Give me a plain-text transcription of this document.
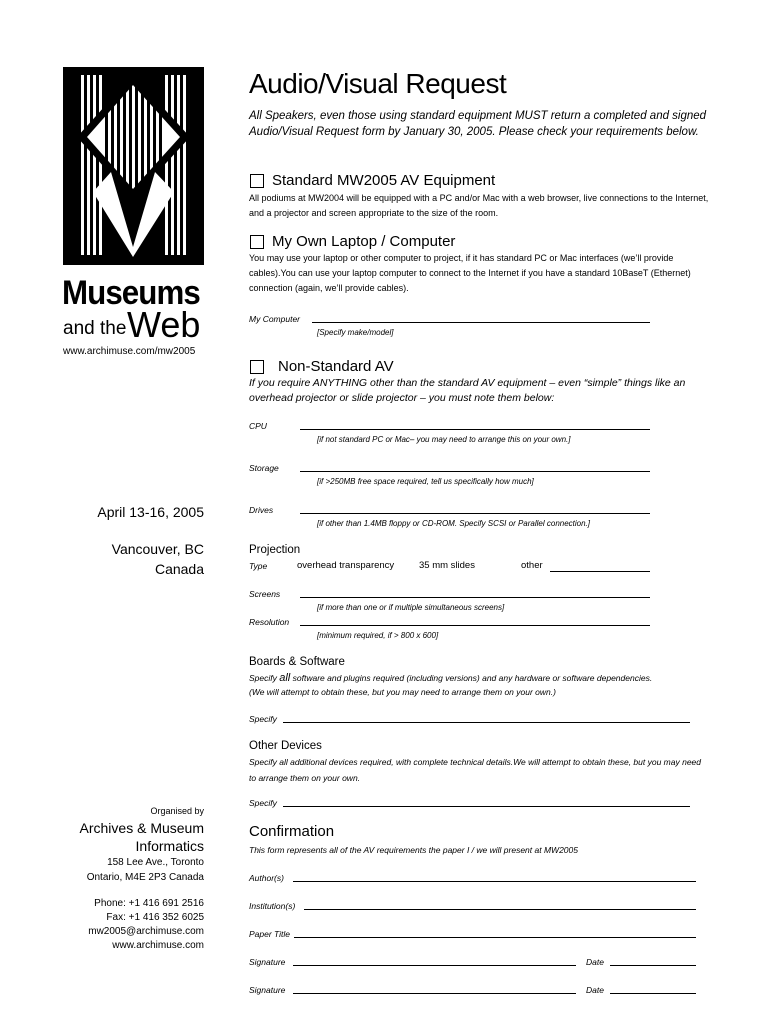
Museums
and the Web
www.archimuse.com/mw2005
April 13-16, 2005
Vancouver, BC
Canada
Organised by
Archives & Museum
Informatics
158 Lee Ave., Toronto
Ontario, M4E 2P3 Canada
Phone: +1 416 691 2516
Fax: +1 416 352 6025
mw2005@archimuse.com
www.archimuse.com
Audio/Visual Request
All Speakers, even those using standard equipment MUST return a completed and signed Audio/Visual Request form by January 30, 2005. Please check your requirements below.
Standard MW2005 AV Equipment
All podiums at MW2004 will be equipped with a PC and/or Mac with a web browser, live connections to the Internet, and a projector and screen appropriate to the size of the room.
My Own Laptop / Computer
You may use your laptop or other computer to project, if it has standard PC or Mac interfaces (we’ll provide cables).You can use your laptop computer to connect to the Internet if you have a standard 10BaseT (Ethernet) connection (again, we’ll provide cables).
My Computer
[Specify make/model]
Non-Standard AV
If you require ANYTHING other than the standard AV equipment – even “simple” things like an overhead projector or slide projector – you must note them below:
CPU
[if not standard PC or Mac– you may need to arrange this on your own.]
Storage
[if >250MB free space required, tell us specifically how much]
Drives
[if other than 1.4MB floppy or CD-ROM. Specify SCSI or Parallel connection.]
Projection
Type	overhead transparency	35 mm slides	other
Screens
[if more than one or if multiple simultaneous screens]
Resolution
[minimum required, if > 800 x 600]
Boards & Software
Specify all software and plugins required (including versions) and any hardware or software dependencies.
(We will attempt to obtain these, but you may need to arrange them on your own.)
Specify
Other Devices
Specify all additional devices required, with complete technical details.We will attempt to obtain these, but you may need to arrange them on your own.
Specify
Confirmation
This form represents all of the AV requirements the paper I / we will present at MW2005
Author(s)
Institution(s)
Paper Title
Signature	Date
Signature	Date
